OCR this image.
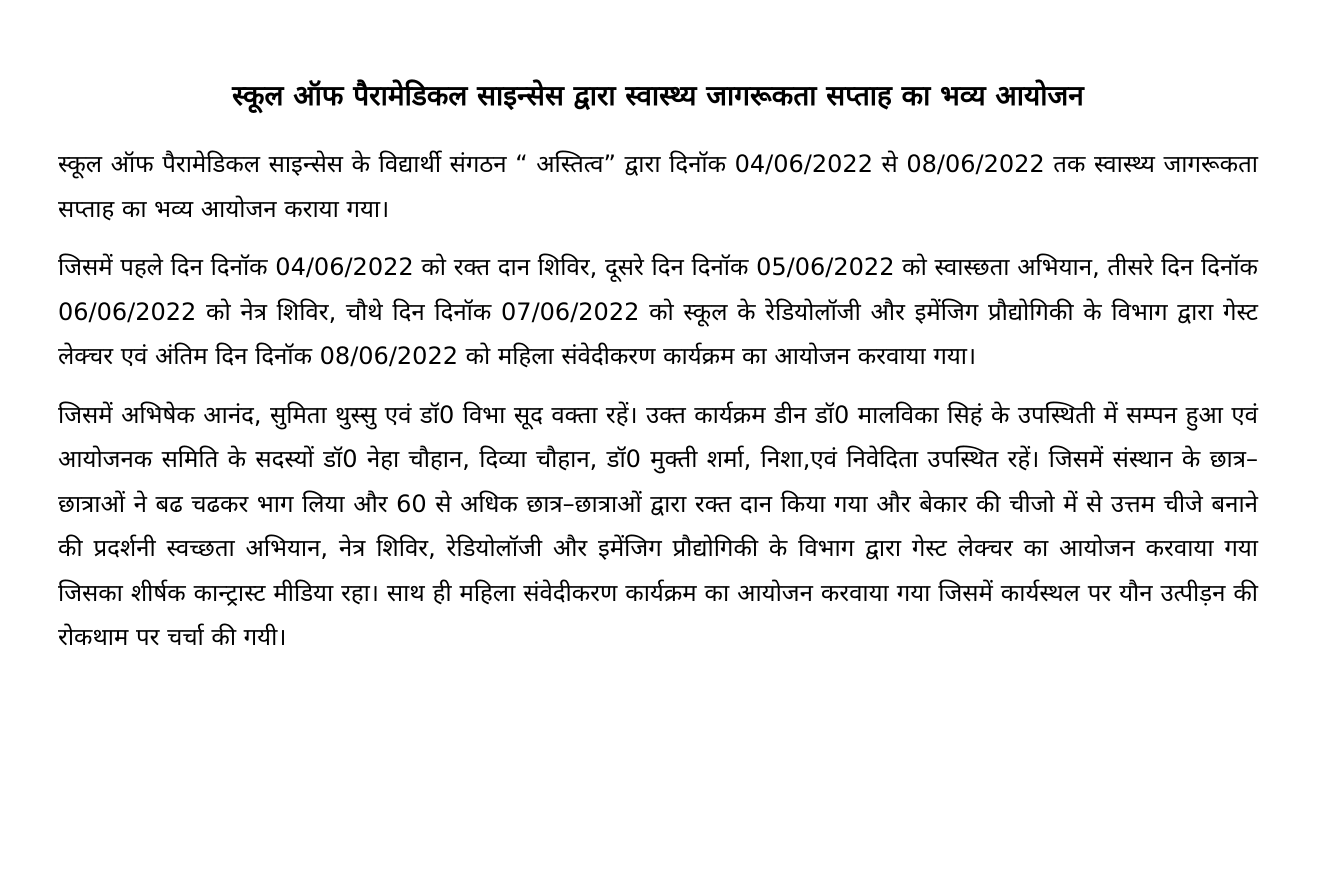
स्कूल ऑफ पैरामेडिकल साइन्सेस द्वारा स्वास्थ्य जागरूकता सप्ताह का भव्य आयोजन

स्कूल ऑफ पैरामेडिकल साइन्सेस के विद्यार्थी संगठन “ अस्तित्व” द्वारा दिनॉक 04/06/2022 से 08/06/2022 तक स्वास्थ्य जागरूकता सप्ताह का भव्य आयोजन कराया गया।

जिसमें पहले दिन दिनॉक 04/06/2022 को रक्त दान शिविर, दूसरे दिन दिनॉक 05/06/2022 को स्वास्छता अभियान, तीसरे दिन दिनॉक 06/06/2022 को नेत्र शिविर, चौथे दिन दिनॉक 07/06/2022 को स्कूल के रेडियोलॉजी और इमेंजिग प्रौद्योगिकी के विभाग द्वारा गेस्ट लेक्चर एवं अंतिम दिन दिनॉक 08/06/2022 को महिला संवेदीकरण कार्यक्रम का आयोजन करवाया गया।

जिसमें अभिषेक आनंद, सुमिता थुस्सु एवं डॉ0 विभा सूद वक्ता रहें। उक्त कार्यक्रम डीन डॉ0 मालविका सिहं के उपस्थिती में सम्पन हुआ एवं आयोजनक समिति के सदस्यों डॉ0 नेहा चौहान, दिव्या चौहान, डॉ0 मुक्ती शर्मा, निशा,एवं निवेदिता उपस्थित रहें। जिसमें संस्थान के छात्र–छात्राओं ने बढ चढकर भाग लिया और 60 से अधिक छात्र–छात्राओं द्वारा रक्त दान किया गया और बेकार की चीजो में से उत्तम चीजे बनाने की प्रदर्शनी स्वच्छता अभियान, नेत्र शिविर, रेडियोलॉजी और इमेंजिग प्रौद्योगिकी के विभाग द्वारा गेस्ट लेक्चर का आयोजन करवाया गया जिसका शीर्षक कान्ट्रास्ट मीडिया रहा। साथ ही महिला संवेदीकरण कार्यक्रम का आयोजन करवाया गया जिसमें कार्यस्थल पर यौन उत्पीड़न की रोकथाम पर चर्चा की गयी।
